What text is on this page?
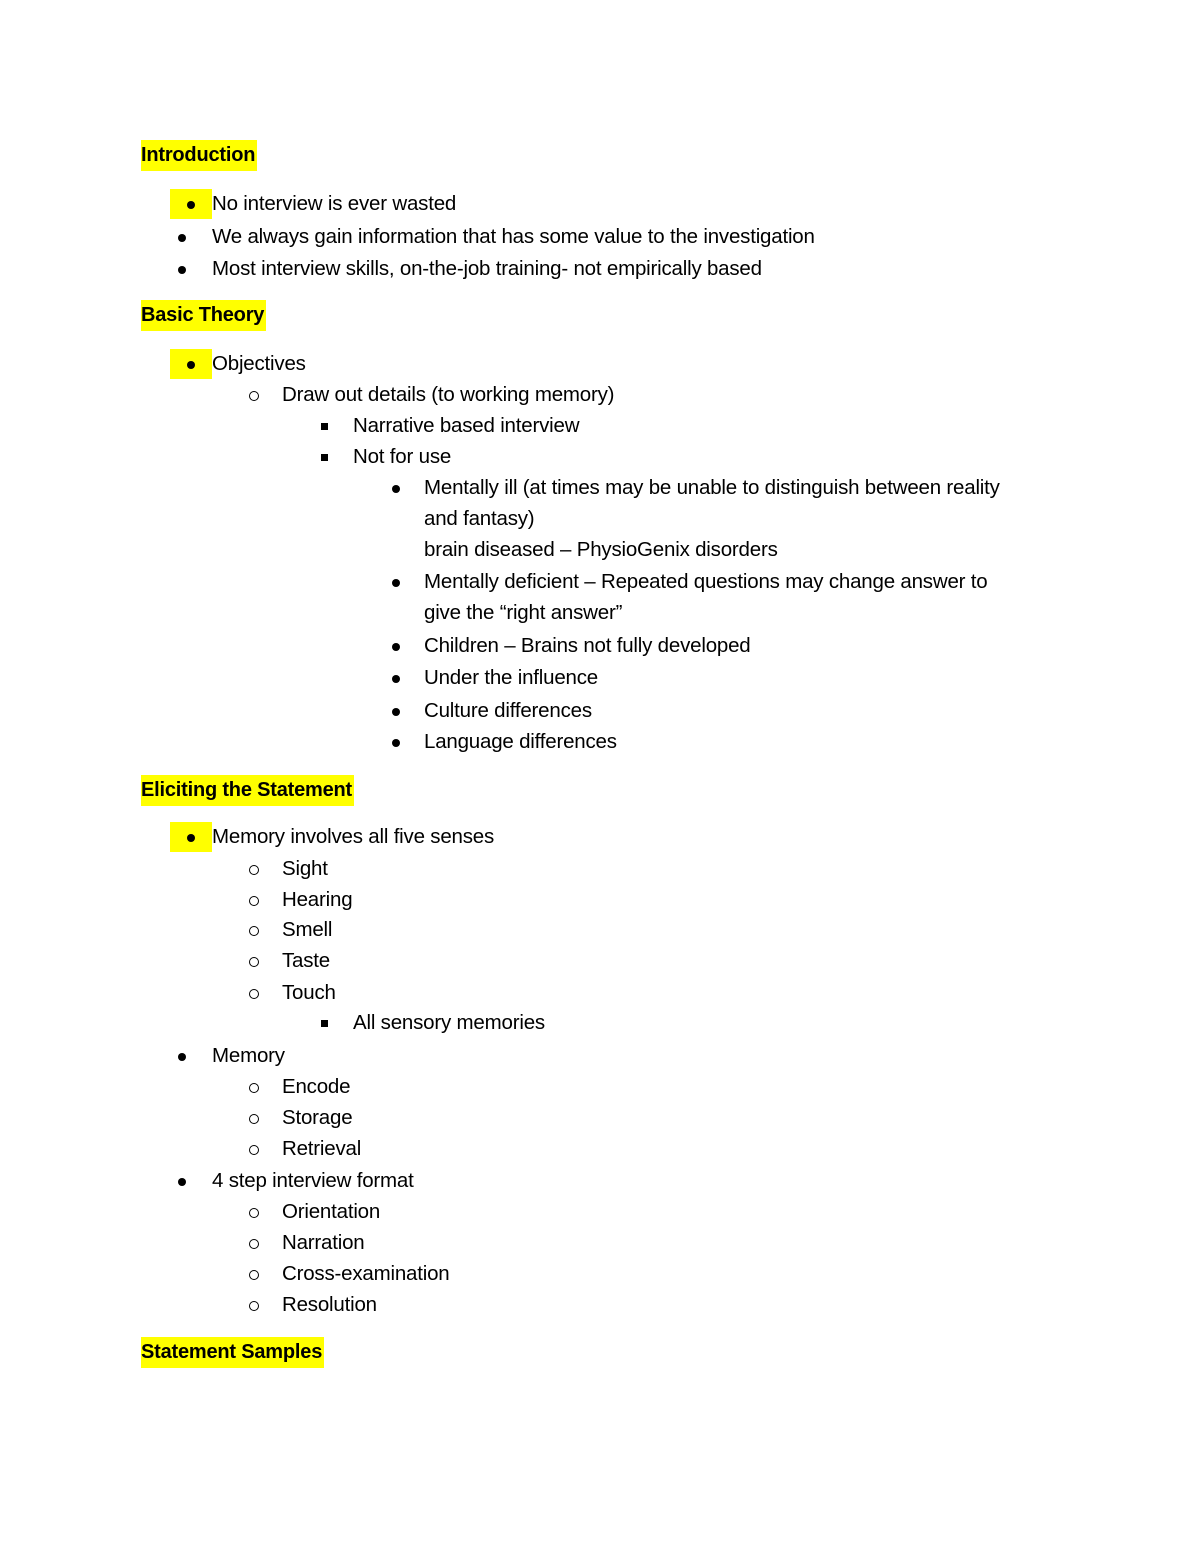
Introduction
No interview is ever wasted
We always gain information that has some value to the investigation
Most interview skills, on-the-job training- not empirically based
Basic Theory
Objectives
Draw out details (to working memory)
Narrative based interview
Not for use
Mentally ill (at times may be unable to distinguish between reality
and fantasy)
brain diseased – PhysioGenix disorders
Mentally deficient – Repeated questions may change answer to
give the “right answer”
Children – Brains not fully developed
Under the influence
Culture differences
Language differences
Eliciting the Statement
Memory involves all five senses
Sight
Hearing
Smell
Taste
Touch
All sensory memories
Memory
Encode
Storage
Retrieval
4 step interview format
Orientation
Narration
Cross-examination
Resolution
Statement Samples
